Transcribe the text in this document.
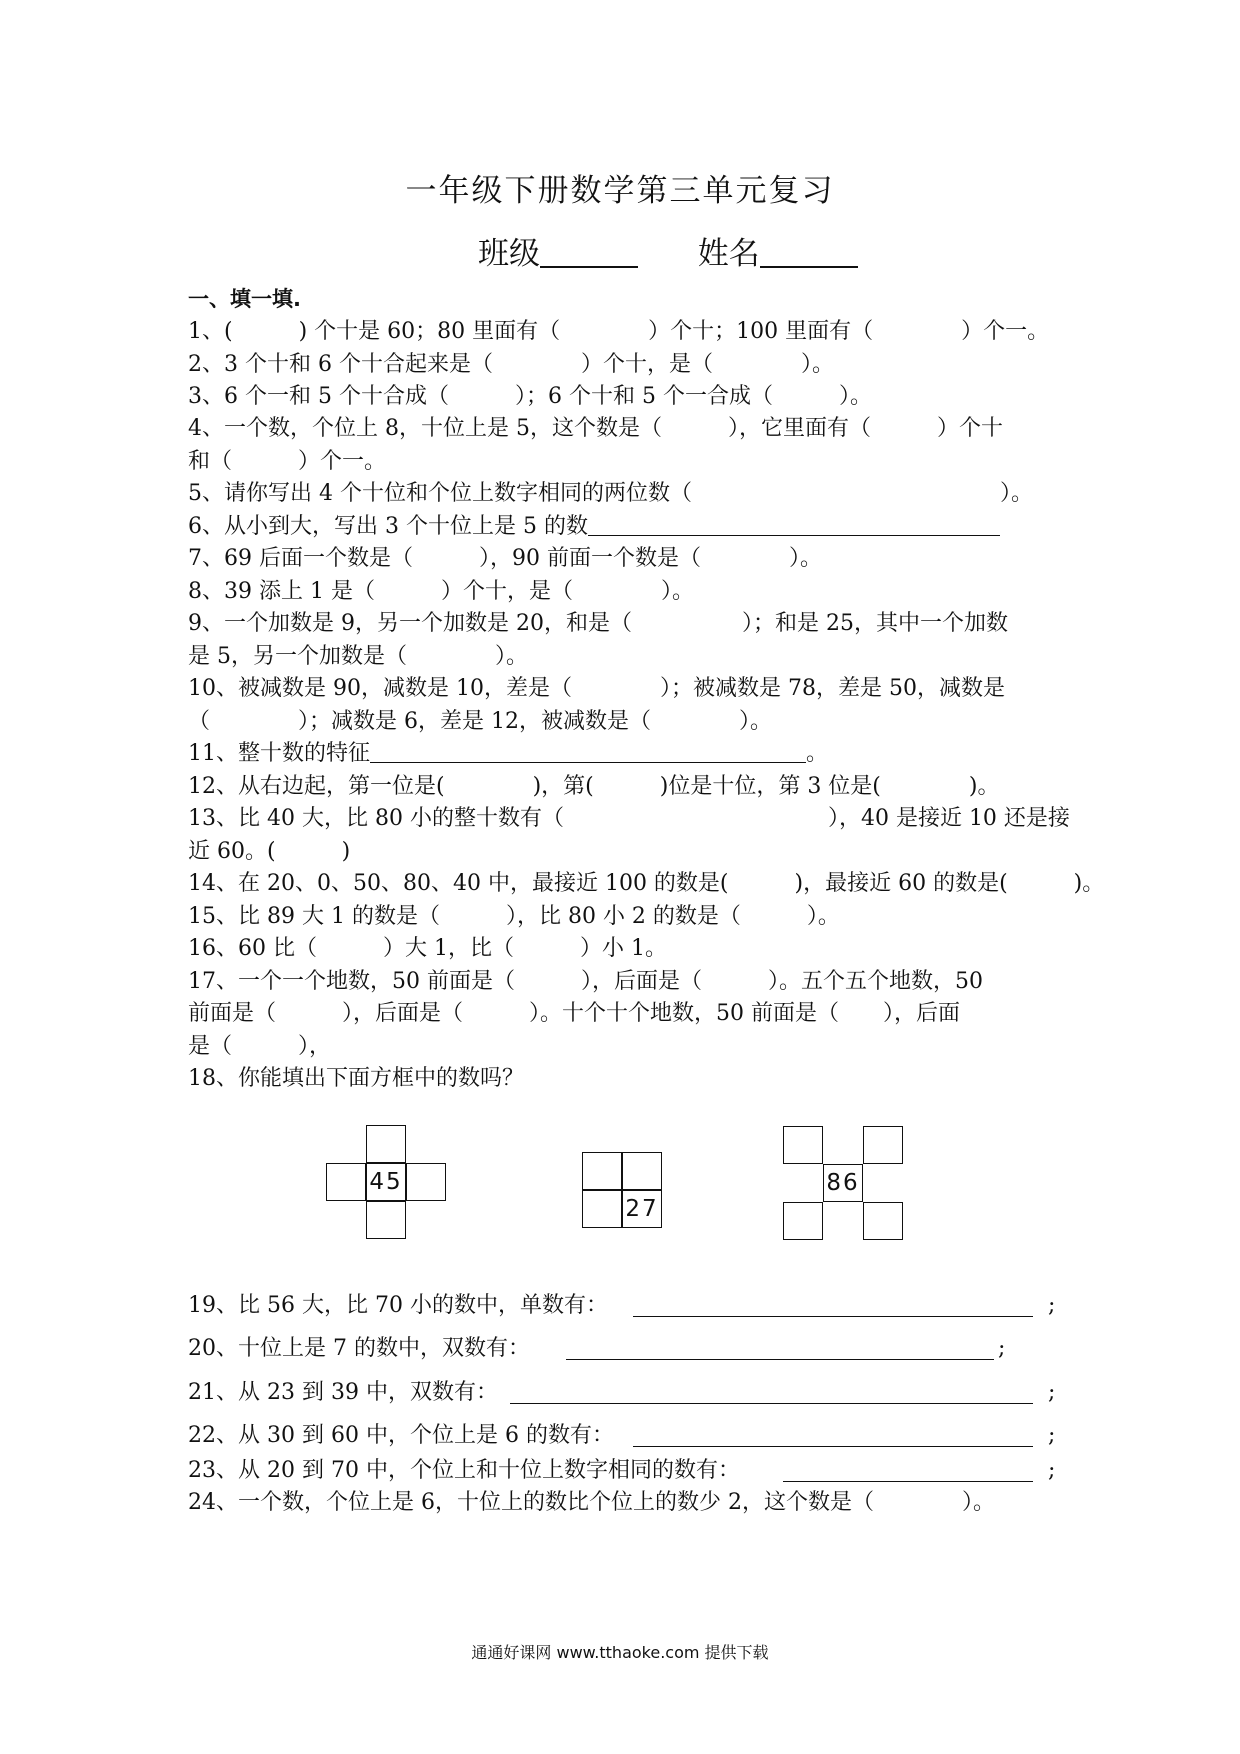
一年级下册数学第三单元复习
班级	姓名
一、填一填.
1、(　　　) 个十是 60；80 里面有（　　　　）个十；100 里面有（　　　　）个一。
2、3 个十和 6 个十合起来是（　　　　）个十，是（　　　　）。
3、6 个一和 5 个十合成（　　　）；6 个十和 5 个一合成（　　　）。
4、一个数，个位上 8，十位上是 5，这个数是（　　　），它里面有（　　　）个十
和（　　　）个一。
5、请你写出 4 个十位和个位上数字相同的两位数（　　　　　　　　　　　　　　）。
6、从小到大，写出 3 个十位上是 5 的数
7、69 后面一个数是（　　　），90 前面一个数是（　　　　）。
8、39 添上 1 是（　　　）个十，是（　　　　）。
9、一个加数是 9，另一个加数是 20，和是（　　　　　）；和是 25，其中一个加数
是 5，另一个加数是（　　　　）。
10、被减数是 90，减数是 10，差是（　　　　）；被减数是 78，差是 50，减数是
（　　　　）；减数是 6，差是 12，被减数是（　　　　）。
11、整十数的特征	。
12、从右边起，第一位是(　　　　)，第(　　　)位是十位，第 3 位是(　　　　)。
13、比 40 大，比 80 小的整十数有（　　　　　　　　　　　　），40 是接近 10 还是接
近 60。(　　　)
14、在 20、0、50、80、40 中，最接近 100 的数是(　　　)，最接近 60 的数是(　　　)。
15、比 89 大 1 的数是（　　　），比 80 小 2 的数是（　　　）。
16、60 比（　　　）大 1，比（　　　）小 1。
17、一个一个地数，50 前面是（　　　），后面是（　　　）。五个五个地数，50
前面是（　　　），后面是（　　　）。十个十个地数，50 前面是（　　），后面
是（　　　），
18、你能填出下面方框中的数吗？
45
27
86
19、比 56 大，比 70 小的数中，单数有：	;
20、十位上是 7 的数中，双数有：	;
21、从 23 到 39 中，双数有：	;
22、从 30 到 60 中，个位上是 6 的数有：	;
23、从 20 到 70 中，个位上和十位上数字相同的数有：	;
24、一个数，个位上是 6，十位上的数比个位上的数少 2，这个数是（　　　　）。
通通好课网 www.tthaoke.com 提供下载
